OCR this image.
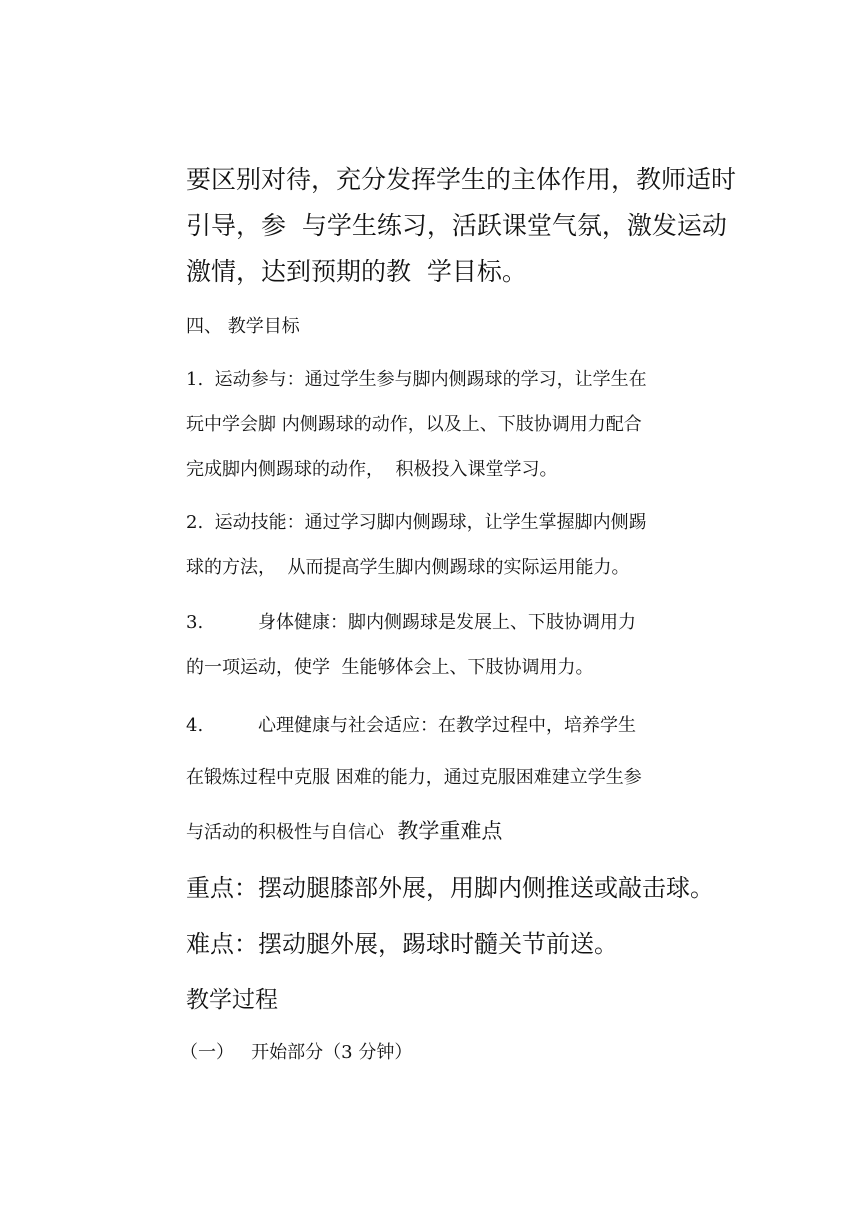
要区别对待，充分发挥学生的主体作用，教师适时

引导，参  与学生练习，活跃课堂气氛，激发运动

激情，达到预期的教  学目标。

四、 教学目标

1.  运动参与：通过学生参与脚内侧踢球的学习，让学生在

玩中学会脚 内侧踢球的动作，以及上、下肢协调用力配合

完成脚内侧踢球的动作，  积极投入课堂学习。

2.  运动技能：通过学习脚内侧踢球，让学生掌握脚内侧踢

球的方法，  从而提高学生脚内侧踢球的实际运用能力。

3.	身体健康：脚内侧踢球是发展上、下肢协调用力

的一项运动，使学  生能够体会上、下肢协调用力。

4.	心理健康与社会适应：在教学过程中，培养学生

在锻炼过程中克服 困难的能力，通过克服困难建立学生参

与活动的积极性与自信心  教学重难点

重点：摆动腿膝部外展，用脚内侧推送或敲击球。

难点：摆动腿外展，踢球时髓关节前送。

教学过程

（一）   开始部分（3 分钟）
